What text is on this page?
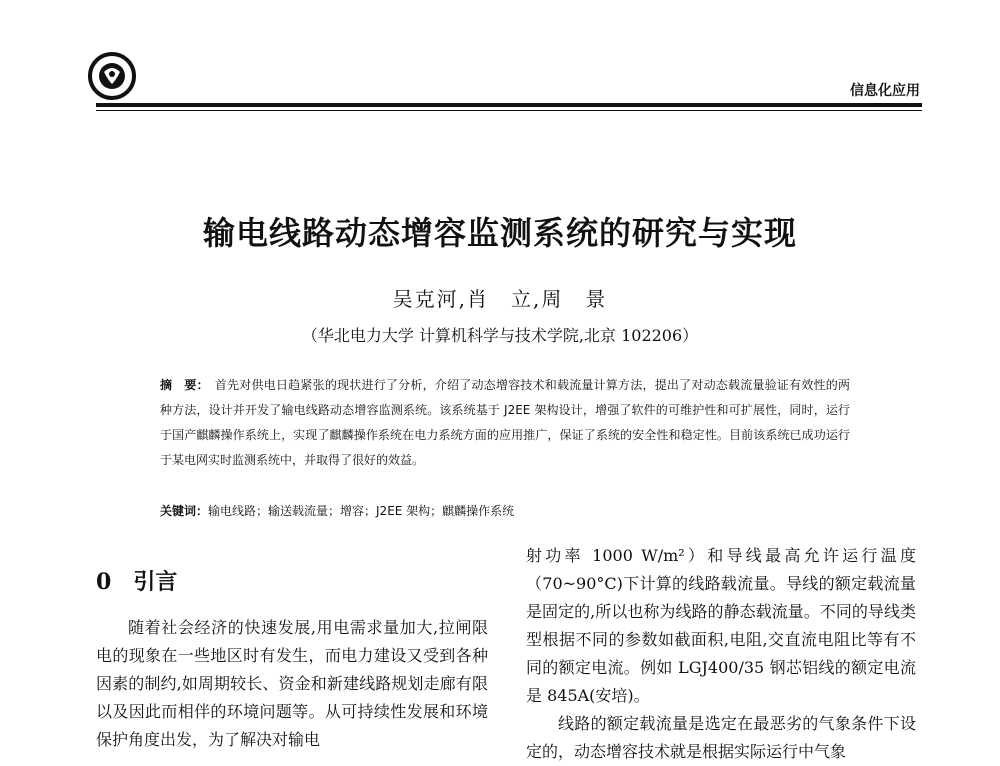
信息化应用
输电线路动态增容监测系统的研究与实现
吴克河,肖　立,周　景
（华北电力大学 计算机科学与技术学院,北京 102206）
摘　要： 首先对供电日趋紧张的现状进行了分析，介绍了动态增容技术和载流量计算方法，提出了对动态载流量验证有效性的两种方法，设计并开发了输电线路动态增容监测系统。该系统基于 J2EE 架构设计，增强了软件的可维护性和可扩展性，同时，运行于国产麒麟操作系统上，实现了麒麟操作系统在电力系统方面的应用推广，保证了系统的安全性和稳定性。目前该系统已成功运行于某电网实时监测系统中，并取得了很好的效益。
关键词：输电线路；输送载流量；增容；J2EE 架构；麒麟操作系统
0 引言

随着社会经济的快速发展,用电需求量加大,拉闸限电的现象在一些地区时有发生，而电力建设又受到各种因素的制约,如周期较长、资金和新建线路规划走廊有限以及因此而相伴的环境问题等。从可持续性发展和环境保护角度出发，为了解决对输电

射功率 1000 W/m²）和导线最高允许运行温度（70~90°C)下计算的线路载流量。导线的额定载流量是固定的,所以也称为线路的静态载流量。不同的导线类型根据不同的参数如截面积,电阻,交直流电阻比等有不同的额定电流。例如 LGJ400/35 钢芯铝线的额定电流是 845A(安培)。

线路的额定载流量是选定在最恶劣的气象条件下设定的，动态增容技术就是根据实际运行中气象
